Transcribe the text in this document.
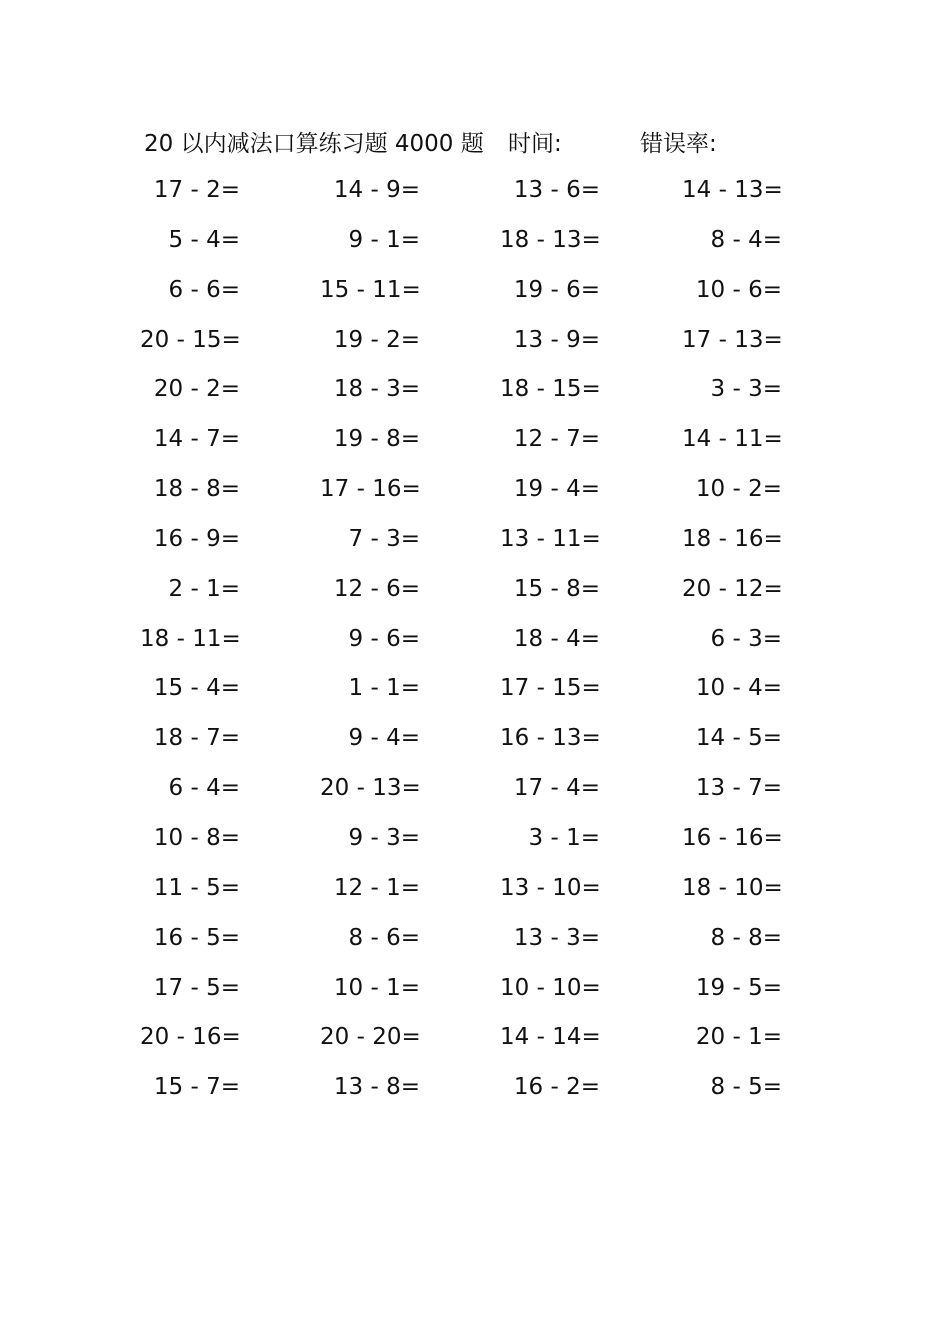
20 以内减法口算练习题 4000 题 时间:	错误率:
17 - 2=	14 - 9=	13 - 6=	14 - 13=
5 - 4=	9 - 1=	18 - 13=	8 - 4=
6 - 6=	15 - 11=	19 - 6=	10 - 6=
20 - 15=	19 - 2=	13 - 9=	17 - 13=
20 - 2=	18 - 3=	18 - 15=	3 - 3=
14 - 7=	19 - 8=	12 - 7=	14 - 11=
18 - 8=	17 - 16=	19 - 4=	10 - 2=
16 - 9=	7 - 3=	13 - 11=	18 - 16=
2 - 1=	12 - 6=	15 - 8=	20 - 12=
18 - 11=	9 - 6=	18 - 4=	6 - 3=
15 - 4=	1 - 1=	17 - 15=	10 - 4=
18 - 7=	9 - 4=	16 - 13=	14 - 5=
6 - 4=	20 - 13=	17 - 4=	13 - 7=
10 - 8=	9 - 3=	3 - 1=	16 - 16=
11 - 5=	12 - 1=	13 - 10=	18 - 10=
16 - 5=	8 - 6=	13 - 3=	8 - 8=
17 - 5=	10 - 1=	10 - 10=	19 - 5=
20 - 16=	20 - 20=	14 - 14=	20 - 1=
15 - 7=	13 - 8=	16 - 2=	8 - 5=
